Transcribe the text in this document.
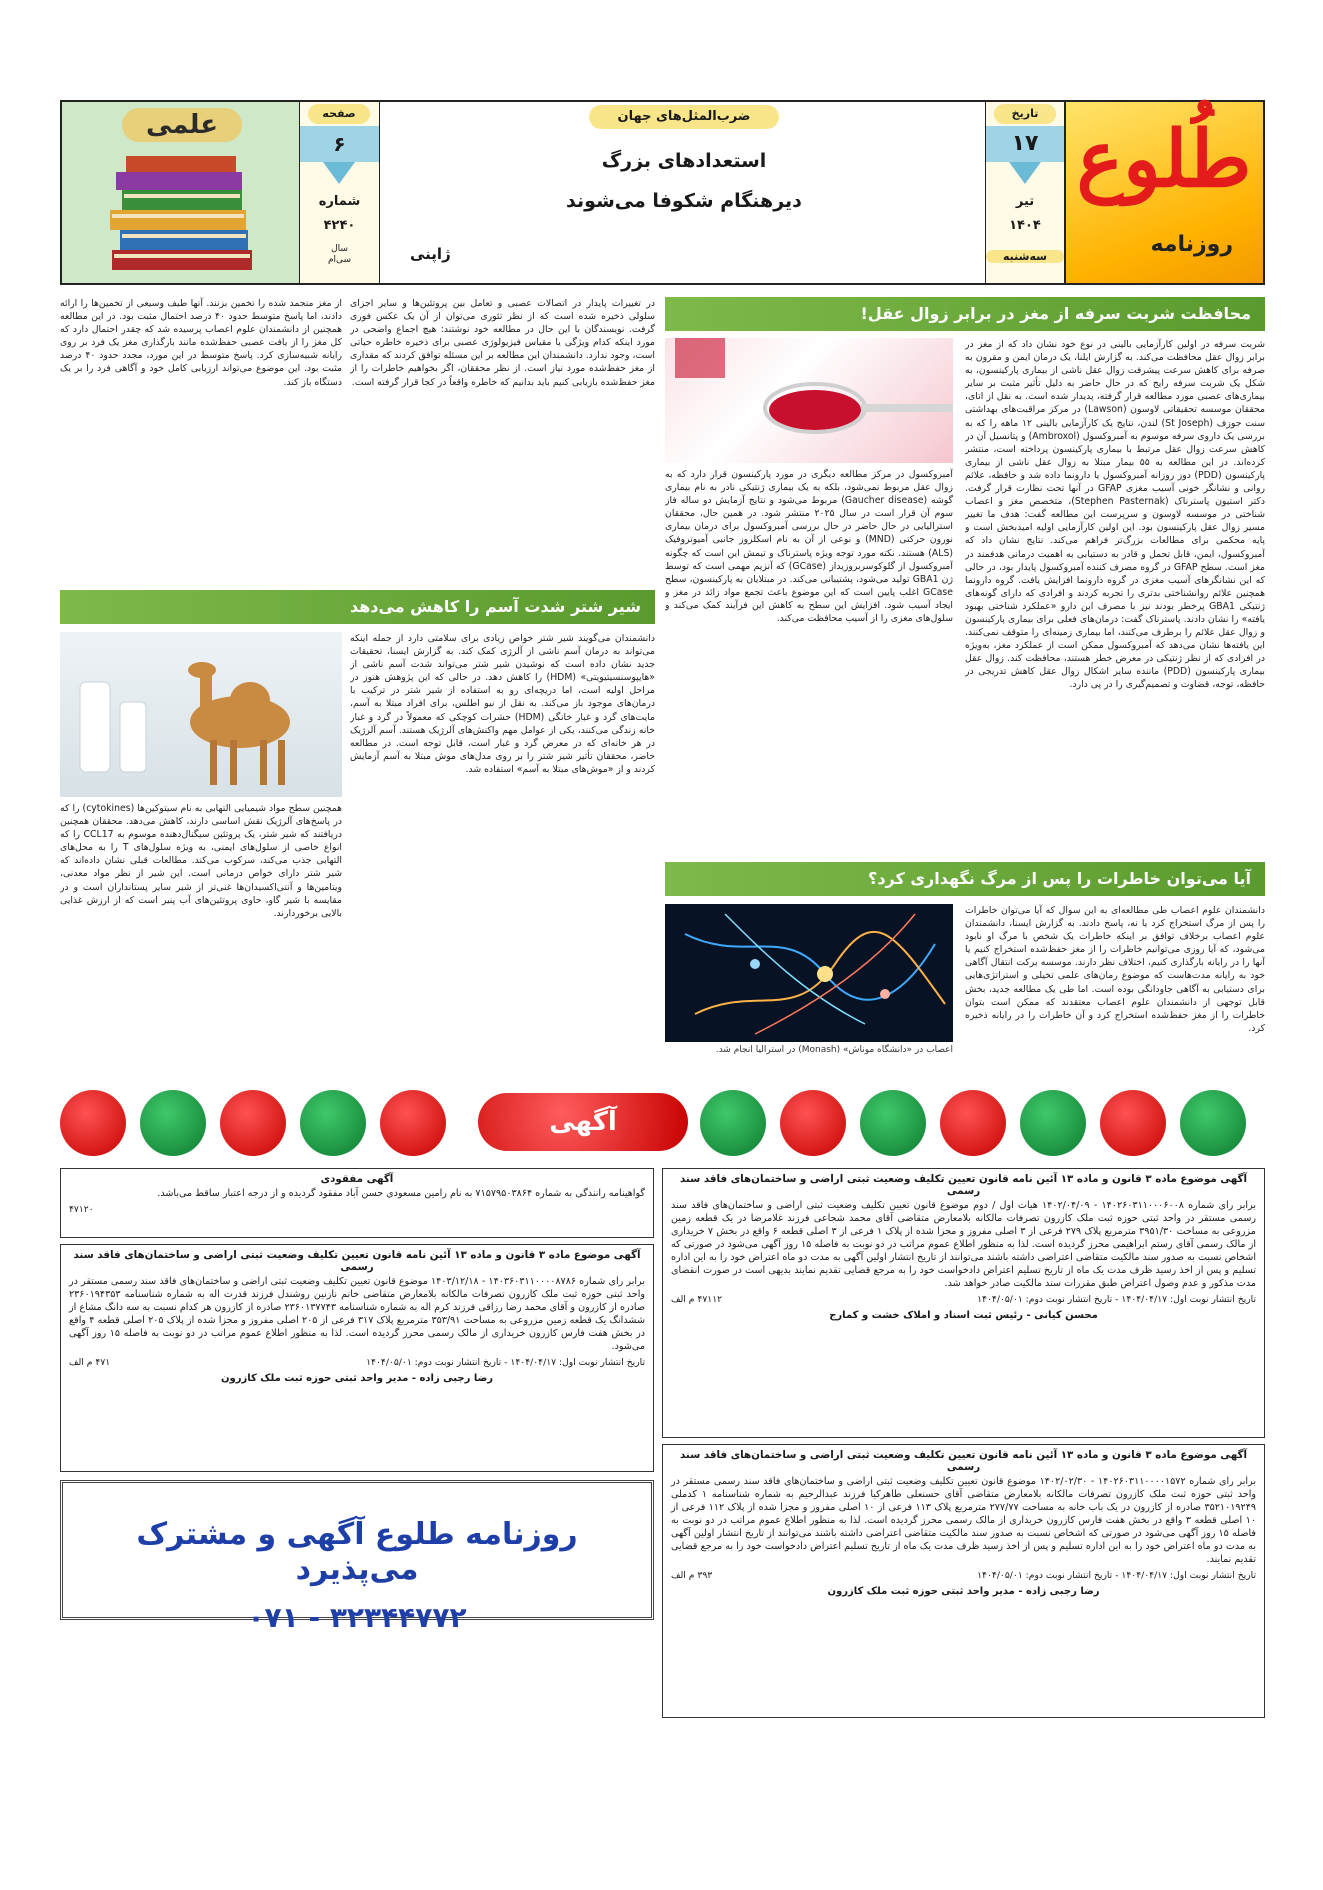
طُلوع
روزنامه
تاریخ
۱۷
تیر
۱۴۰۴
سه‌شنبه
ضرب‌المثل‌های جهان
استعدادهای بزرگ
دیرهنگام شکوفا می‌شوند
ژاپنی
صفحه
۶
شماره
۴۲۴۰
سال
سی‌ام
علمی
محافظت شربت سرفه از مغز در برابر زوال عقل!
شربت سرفه در اولین کارآزمایی بالینی در نوع خود نشان داد که از مغز در برابر زوال عقل محافظت می‌کند. به گزارش ایلنا، یک درمان ایمن و مقرون به صرفه برای کاهش سرعت پیشرفت زوال عقل ناشی از بیماری پارکینسون، به شکل یک شربت سرفه رایج که در حال حاضر به دلیل تأثیر مثبت بر سایر بیماری‌های عصبی مورد مطالعه قرار گرفته، پدیدار شده است. به نقل از اتای، محققان موسسه تحقیقاتی لاوسون (Lawson) در مرکز مراقبت‌های بهداشتی سنت جوزف (St Joseph) لندن، نتایج یک کارآزمایی بالینی ۱۲ ماهه را که به بررسی یک داروی سرفه موسوم به آمبروکسول (Ambroxol) و پتانسیل آن در کاهش سرعت زوال عقل مرتبط با بیماری پارکینسون پرداخته است، منتشر کرده‌اند. در این مطالعه به ۵۵ بیمار مبتلا به زوال عقل ناشی از بیماری پارکینسون (PDD) دوز روزانه آمبروکسول یا دارونما داده شد و حافظه، علائم روانی و نشانگر خونی آسیب مغزی GFAP در آنها تحت نظارت قرار گرفت. دکتر استیون پاسترناک (Stephen Pasternak)، متخصص مغز و اعصاب شناختی در موسسه لاوسون و سرپرست این مطالعه گفت: هدف ما تغییر مسیر زوال عقل پارکینسون بود. این اولین کارآزمایی اولیه امیدبخش است و پایه محکمی برای مطالعات بزرگ‌تر فراهم می‌کند. نتایج نشان داد که آمبروکسول، ایمن، قابل تحمل و قادر به دستیابی به اهمیت درمانی هدفمند در مغز است. سطح GFAP در گروه مصرف کننده آمبروکسول پایدار بود، در حالی که این نشانگرهای آسیب مغزی در گروه دارونما افزایش یافت. گروه دارونما همچنین علائم روانشناختی بدتری را تجربه کردند و افرادی که دارای گونه‌های ژنتیکی GBA1 پرخطر بودند نیز با مصرف این دارو «عملکرد شناختی بهبود یافته» را نشان دادند. پاسترناک گفت: درمان‌های فعلی برای بیماری پارکینسون و زوال عقل علائم را برطرف می‌کنند، اما بیماری زمینه‌ای را متوقف نمی‌کنند. این یافته‌ها نشان می‌دهد که آمبروکسول ممکن است از عملکرد مغز، به‌ویژه در افرادی که از نظر ژنتیکی در معرض خطر هستند، محافظت کند. زوال عقل بیماری پارکینسون (PDD) ماننده سایر اشکال زوال عقل کاهش تدریجی در حافظه، توجه، قضاوت و تصمیم‌گیری را در پی دارد.
آمبروکسول در مرکز مطالعه دیگری در مورد پارکینسون قرار دارد که به زوال عقل مربوط نمی‌شود، بلکه به یک بیماری ژنتیکی نادر به نام بیماری گوشه (Gaucher disease) مربوط می‌شود و نتایج آزمایش دو ساله فاز سوم آن قرار است در سال ۲۰۲۵ منتشر شود. در همین حال، محققان استرالیایی در حال حاضر در حال بررسی آمبروکسول برای درمان بیماری نورون حرکتی (MND) و نوعی از آن به نام اسکلروز جانبی آمیوتروفیک (ALS) هستند. نکته مورد توجه ویژه پاسترناک و تیمش این است که چگونه آمبروکسول از گلوکوسربروزیداز (GCase) که آنزیم مهمی است که توسط ژن GBA1 تولید می‌شود، پشتیبانی می‌کند. در مبتلایان به پارکینسون، سطح GCase اغلب پایین است که این موضوع باعث تجمع مواد زائد در مغز و ایجاد آسیب شود. افزایش این سطح به کاهش این فرآیند کمک می‌کند و سلول‌های مغزی را از آسیب محافظت می‌کند.
در تغییرات پایدار در اتصالات عصبی و تعامل بین پروتئین‌ها و سایر اجزای سلولی ذخیره شده است که از نظر تئوری می‌توان از آن یک عکس فوری گرفت. نویسندگان با این حال در مطالعه خود نوشتند: هیچ اجماع واضحی در مورد اینکه کدام ویژگی یا مقیاس فیزیولوژی عصبی برای ذخیره خاطره حیاتی است، وجود ندارد. دانشمندان این مطالعه بر این مسئله توافق کردند که مقداری از مغز حفظ‌شده مورد نیاز است. از نظر محققان، اگر بخواهیم خاطرات را از مغز حفظ‌شده بازیابی کنیم باید بدانیم که خاطره واقعاً در کجا قرار گرفته است.
از مغز منجمد شده را تخمین بزنند. آنها طیف وسیعی از تخمین‌ها را ارائه دادند، اما پاسخ متوسط حدود ۴۰ درصد احتمال مثبت بود. در این مطالعه همچنین از دانشمندان علوم اعصاب پرسیده شد که چقدر احتمال دارد که کل مغز را از یافت عصبی حفظ‌شده مانند بارگذاری مغز یک فرد بر روی رایانه شبیه‌سازی کرد. پاسخ متوسط در این مورد، مجدد حدود ۴۰ درصد مثبت بود. این موضوع می‌تواند ارزیابی کامل خود و آگاهی فرد را بر یک دستگاه باز کند.
شیر شتر شدت آسم را کاهش می‌دهد
دانشمندان می‌گویند شیر شتر خواص زیادی برای سلامتی دارد از جمله اینکه می‌تواند به درمان آسم ناشی از آلرژی کمک کند. به گزارش ایسنا، تحقیقات جدید نشان داده است که نوشیدن شیر شتر می‌تواند شدت آسم ناشی از «هایپوسنسیتیویتی» (HDM) را کاهش دهد. در حالی که این پژوهش هنوز در مراحل اولیه است، اما دریچه‌ای رو به استفاده از شیر شتر در ترکیب با درمان‌های موجود باز می‌کند. به نقل از نیو اطلس، برای افراد مبتلا به آسم، مایت‌های گرد و غبار خانگی (HDM) حشرات کوچکی که معمولاً در گرد و غبار خانه زندگی می‌کنند، یکی از عوامل مهم واکنش‌های آلرژیک هستند. آسم آلرژیک در هر خانه‌ای که در معرض گرد و غبار است، قابل توجه است. در مطالعه حاضر، محققان تأثیر شیر شتر را بر روی مدل‌های موش مبتلا به آسم آزمایش کردند و از «موش‌های مبتلا به آسم» استفاده شد.
همچنین سطح مواد شیمیایی التهابی به نام سیتوکین‌ها (cytokines) را که در پاسخ‌های آلرژیک نقش اساسی دارند، کاهش می‌دهد. محققان همچنین دریافتند که شیر شتر، یک پروتئین سیگنال‌دهنده موسوم به CCL17 را که انواع خاصی از سلول‌های ایمنی، به ویژه سلول‌های T را به محل‌های التهابی جذب می‌کند، سرکوب می‌کند. مطالعات قبلی نشان داده‌اند که شیر شتر دارای خواص درمانی است. این شیر از نظر مواد معدنی، ویتامین‌ها و آنتی‌اکسیدان‌ها غنی‌تر از شیر سایر پستانداران است و در مقایسه با شیر گاو، حاوی پروتئین‌های آب پنیر است که از ارزش غذایی بالایی برخوردارند.
آیا می‌توان خاطرات را پس از مرگ نگهداری کرد؟
دانشمندان علوم اعصاب طی مطالعه‌ای به این سوال که آیا می‌توان خاطرات را پس از مرگ استخراج کرد یا نه، پاسخ دادند. به گزارش ایسنا، دانشمندان علوم اعصاب برخلاف توافق بر اینکه خاطرات یک شخص با مرگ او نابود می‌شود، که آیا روزی می‌توانیم خاطرات را از مغز حفظ‌شده استخراج کنیم یا آنها را در رایانه بارگذاری کنیم، اختلاف نظر دارند. موسسه برکت انتقال آگاهی خود به رایانه مدت‌هاست که موضوع رمان‌های علمی تخیلی و استراتژی‌هایی برای دستیابی به آگاهی جاودانگی بوده است. اما طی یک مطالعه جدید، بخش قابل توجهی از دانشمندان علوم اعصاب معتقدند که ممکن است بتوان خاطرات را از مغز حفظ‌شده استخراج کرد و آن خاطرات را در رایانه ذخیره کرد.
اعصاب در «دانشگاه موناش» (Monash) در استرالیا انجام شد.
آگهی
آگهی موضوع ماده ۳ قانون و ماده ۱۳ آئین نامه قانون تعیین تکلیف وضعیت ثبتی اراضی و ساختمان‌های فاقد سند رسمی
برابر رای شماره ۱۴۰۲۶۰۳۱۱۰۰۰۶۰۰۸ - ۱۴۰۲/۰۴/۰۹ هیات اول / دوم موضوع قانون تعیین تکلیف وضعیت ثبتی اراضی و ساختمان‌های فاقد سند رسمی مستقر در واحد ثبتی حوزه ثبت ملک کازرون تصرفات مالکانه بلامعارض متقاضی آقای محمد شجاعی فرزند غلامرضا در یک قطعه زمین مزروعی به مساحت ۳۹۵۱/۳۰ مترمربع پلاک ۲۷۹ فرعی از ۳ اصلی مفروز و مجزا شده از پلاک ۱ فرعی از ۳ اصلی قطعه ۶ واقع در بخش ۷ خریداری از مالک رسمی آقای رستم ابراهیمی محرز گردیده است. لذا به منظور اطلاع عموم مراتب در دو نوبت به فاصله ۱۵ روز آگهی می‌شود در صورتی که اشخاص نسبت به صدور سند مالکیت متقاضی اعتراضی داشته باشند می‌توانند از تاریخ انتشار اولین آگهی به مدت دو ماه اعتراض خود را به این اداره تسلیم و پس از اخذ رسید ظرف مدت یک ماه از تاریخ تسلیم اعتراض دادخواست خود را به مرجع قضایی تقدیم نمایند بدیهی است در صورت انقضای مدت مذکور و عدم وصول اعتراض طبق مقررات سند مالکیت صادر خواهد شد.
تاریخ انتشار نوبت اول: ۱۴۰۴/۰۴/۱۷ - تاریخ انتشار نوبت دوم: ۱۴۰۴/۰۵/۰۱
۴۷۱۱۲ م الف
محسن کیانی - رئیس ثبت اسناد و املاک خشت و کمارج
آگهی موضوع ماده ۳ قانون و ماده ۱۳ آئین نامه قانون تعیین تکلیف وضعیت ثبتی اراضی و ساختمان‌های فاقد سند رسمی
برابر رای شماره ۱۴۰۲۶۰۳۱۱۰۰۰۰۱۵۷۲ - ۱۴۰۲/۰۲/۳۰ موضوع قانون تعیین تکلیف وضعیت ثبتی اراضی و ساختمان‌های فاقد سند رسمی مستقر در واحد ثبتی حوزه ثبت ملک کازرون تصرفات مالکانه بلامعارض متقاضی آقای حسنعلی طاهرکیا فرزند عبدالرحیم به شماره شناسنامه ۱ کدملی ۳۵۲۱۰۱۹۲۴۹ صادره از کازرون در یک باب خانه به مساحت ۲۷۷/۷۷ مترمربع پلاک ۱۱۳ فرعی از ۱۰ اصلی مفروز و مجزا شده از پلاک ۱۱۲ فرعی از ۱۰ اصلی قطعه ۳ واقع در بخش هفت فارس کازرون خریداری از مالک رسمی محرز گردیده است. لذا به منظور اطلاع عموم مراتب در دو نوبت به فاصله ۱۵ روز آگهی می‌شود در صورتی که اشخاص نسبت به صدور سند مالکیت متقاضی اعتراضی داشته باشند می‌توانند از تاریخ انتشار اولین آگهی به مدت دو ماه اعتراض خود را به این اداره تسلیم و پس از اخذ رسید ظرف مدت یک ماه از تاریخ تسلیم اعتراض دادخواست خود را به مرجع قضایی تقدیم نمایند.
تاریخ انتشار نوبت اول: ۱۴۰۴/۰۴/۱۷ - تاریخ انتشار نوبت دوم: ۱۴۰۴/۰۵/۰۱
۳۹۳ م الف
رضا رجبی زاده - مدیر واحد ثبتی حوزه ثبت ملک کازرون
آگهی مفقودی
گواهینامه رانندگی به شماره ۷۱۵۷۹۵۰۳۸۶۴ به نام رامین مسعودی حسن آباد مفقود گردیده و از درجه اعتبار ساقط می‌باشد.
۴۷۱۲۰
آگهی موضوع ماده ۳ قانون و ماده ۱۳ آئین نامه قانون تعیین تکلیف وضعیت ثبتی اراضی و ساختمان‌های فاقد سند رسمی
برابر رای شماره ۱۴۰۳۶۰۳۱۱۰۰۰۰۸۷۸۶ - ۱۴۰۳/۱۲/۱۸ موضوع قانون تعیین تکلیف وضعیت ثبتی اراضی و ساختمان‌های فاقد سند رسمی مستقر در واحد ثبتی حوزه ثبت ملک کازرون تصرفات مالکانه بلامعارض متقاضی خانم نازنین روشندل فرزند قدرت اله به شماره شناسنامه ۲۳۶۰۱۹۴۳۵۳ صادره از کازرون و آقای محمد رضا رزاقی فرزند کرم اله به شماره شناسنامه ۲۳۶۰۱۳۷۷۴۳ صادره از کازرون هر کدام نسبت به سه دانگ مشاع از ششدانگ یک قطعه زمین مزروعی به مساحت ۳۵۳/۹۱ مترمربع پلاک ۳۱۷ فرعی از ۲۰۵ اصلی مفروز و مجزا شده از پلاک ۲۰۵ اصلی قطعه ۴ واقع در بخش هفت فارس کازرون خریداری از مالک رسمی محرز گردیده است. لذا به منظور اطلاع عموم مراتب در دو نوبت به فاصله ۱۵ روز آگهی می‌شود.
تاریخ انتشار نوبت اول: ۱۴۰۴/۰۴/۱۷ - تاریخ انتشار نوبت دوم: ۱۴۰۴/۰۵/۰۱
۴۷۱ م الف
رضا رجبی زاده - مدیر واحد ثبتی حوزه ثبت ملک کازرون
روزنامه طلوع آگهی و مشترک می‌پذیرد
۰۷۱ - ۳۲۳۴۴۷۷۲
